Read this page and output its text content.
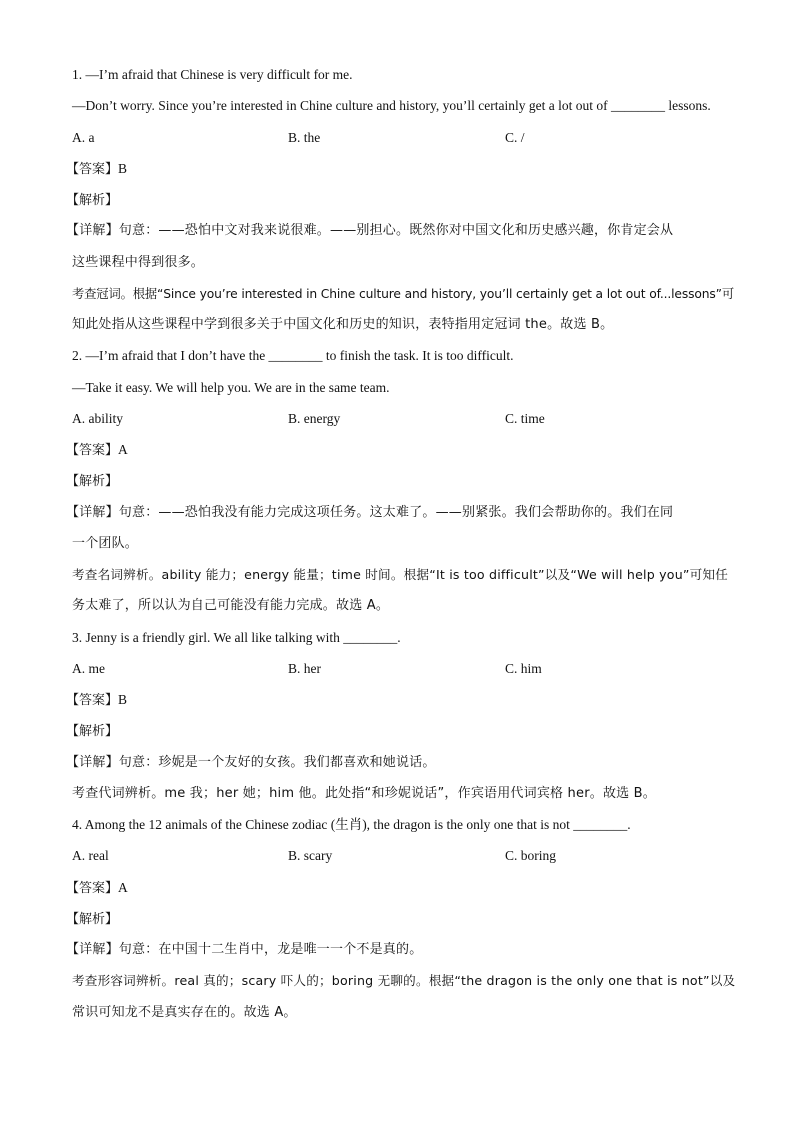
1. —I’m afraid that Chinese is very difficult for me.
—Don’t worry. Since you’re interested in Chine culture and history, you’ll certainly get a lot out of ________ lessons.
A. a	B. the	C. /
【答案】B
【解析】
【详解】句意：——恐怕中文对我来说很难。——别担心。既然你对中国文化和历史感兴趣，你肯定会从
这些课程中得到很多。
考查冠词。根据“Since you’re interested in Chine culture and history, you’ll certainly get a lot out of...lessons”可
知此处指从这些课程中学到很多关于中国文化和历史的知识，表特指用定冠词 the。故选 B。
2. —I’m afraid that I don’t have the ________ to finish the task. It is too difficult.
—Take it easy. We will help you. We are in the same team.
A. ability	B. energy	C. time
【答案】A
【解析】
【详解】句意：——恐怕我没有能力完成这项任务。这太难了。——别紧张。我们会帮助你的。我们在同
一个团队。
考查名词辨析。ability 能力；energy 能量；time 时间。根据“It is too difficult”以及“We will help you”可知任
务太难了，所以认为自己可能没有能力完成。故选 A。
3. Jenny is a friendly girl. We all like talking with ________.
A. me	B. her	C. him
【答案】B
【解析】
【详解】句意：珍妮是一个友好的女孩。我们都喜欢和她说话。
考查代词辨析。me 我；her 她；him 他。此处指“和珍妮说话”，作宾语用代词宾格 her。故选 B。
4. Among the 12 animals of the Chinese zodiac (生肖), the dragon is the only one that is not ________.
A. real	B. scary	C. boring
【答案】A
【解析】
【详解】句意：在中国十二生肖中，龙是唯一一个不是真的。
考查形容词辨析。real 真的；scary 吓人的；boring 无聊的。根据“the dragon is the only one that is not”以及
常识可知龙不是真实存在的。故选 A。
